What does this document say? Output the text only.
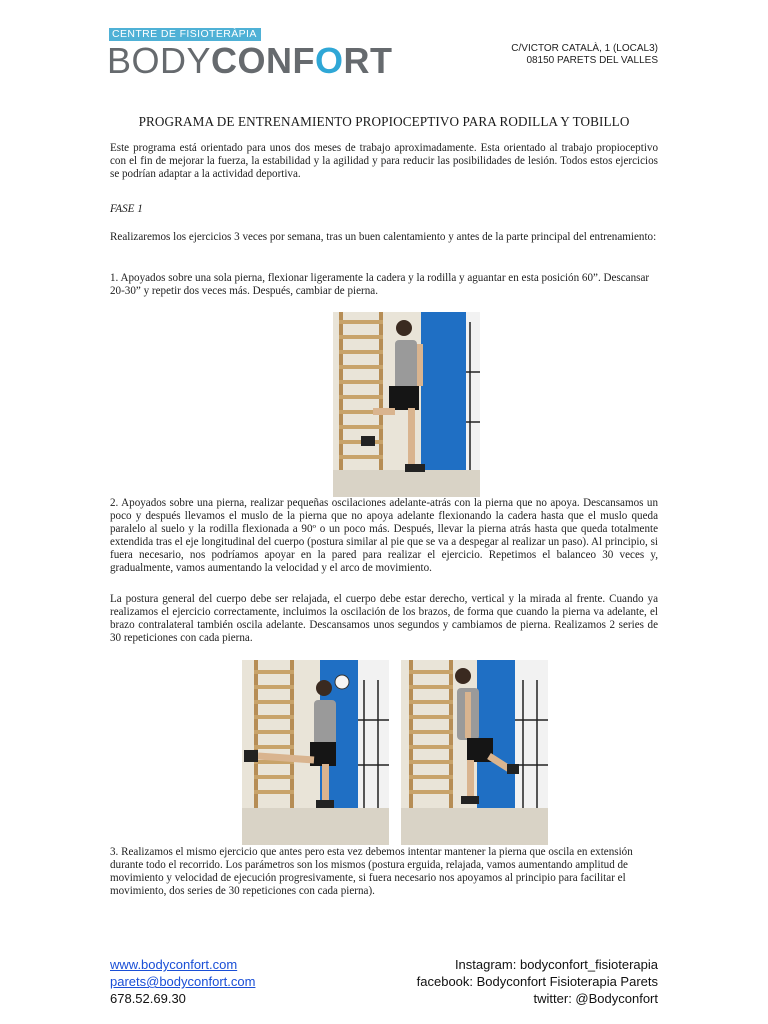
CENTRE DE FISIOTERÀPIA
BODYCONFORT	C/VICTOR CATALÀ, 1 (LOCAL3)
08150 PARETS DEL VALLES
PROGRAMA DE ENTRENAMIENTO PROPIOCEPTIVO PARA RODILLA Y TOBILLO

Este programa está orientado para unos dos meses de trabajo aproximadamente. Esta orientado al trabajo propioceptivo con el fin de mejorar la fuerza, la estabilidad y la agilidad y para reducir las posibilidades de lesión. Todos estos ejercicios se podrían adaptar a la actividad deportiva.

FASE 1

Realizaremos los ejercicios 3 veces por semana, tras un buen calentamiento y antes de la parte principal del entrenamiento:

1. Apoyados sobre una sola pierna, flexionar ligeramente la cadera y la rodilla y aguantar en esta posición 60”. Descansar 20-30” y repetir dos veces más. Después, cambiar de pierna.

2. Apoyados sobre una pierna, realizar pequeñas oscilaciones adelante-atrás con la pierna que no apoya. Descansamos un poco y después llevamos el muslo de la pierna que no apoya adelante flexionando la cadera hasta que el muslo queda paralelo al suelo y la rodilla flexionada a 90º o un poco más. Después, llevar la pierna atrás hasta que queda totalmente extendida tras el eje longitudinal del cuerpo (postura similar al pie que se va a despegar al realizar un paso). Al principio, si fuera necesario, nos podríamos apoyar en la pared para realizar el ejercicio. Repetimos el balanceo 30 veces y, gradualmente, vamos aumentando la velocidad y el arco de movimiento.

La postura general del cuerpo debe ser relajada, el cuerpo debe estar derecho, vertical y la mirada al frente. Cuando ya realizamos el ejercicio correctamente, incluimos la oscilación de los brazos, de forma que cuando la pierna va adelante, el brazo contralateral también oscila adelante. Descansamos unos segundos y cambiamos de pierna. Realizamos 2 series de 30 repeticiones con cada pierna.

3. Realizamos el mismo ejercicio que antes pero esta vez debemos intentar mantener la pierna que oscila en extensión durante todo el recorrido. Los parámetros son los mismos (postura erguida, relajada, vamos aumentando amplitud de movimiento y velocidad de ejecución progresivamente, si fuera necesario nos apoyamos al principio para facilitar el movimiento, dos series de 30 repeticiones con cada pierna).

www.bodyconfort.com
parets@bodyconfort.com
678.52.69.30
Instagram: bodyconfort_fisioterapia
facebook: Bodyconfort Fisioterapia Parets
twitter: @Bodyconfort
